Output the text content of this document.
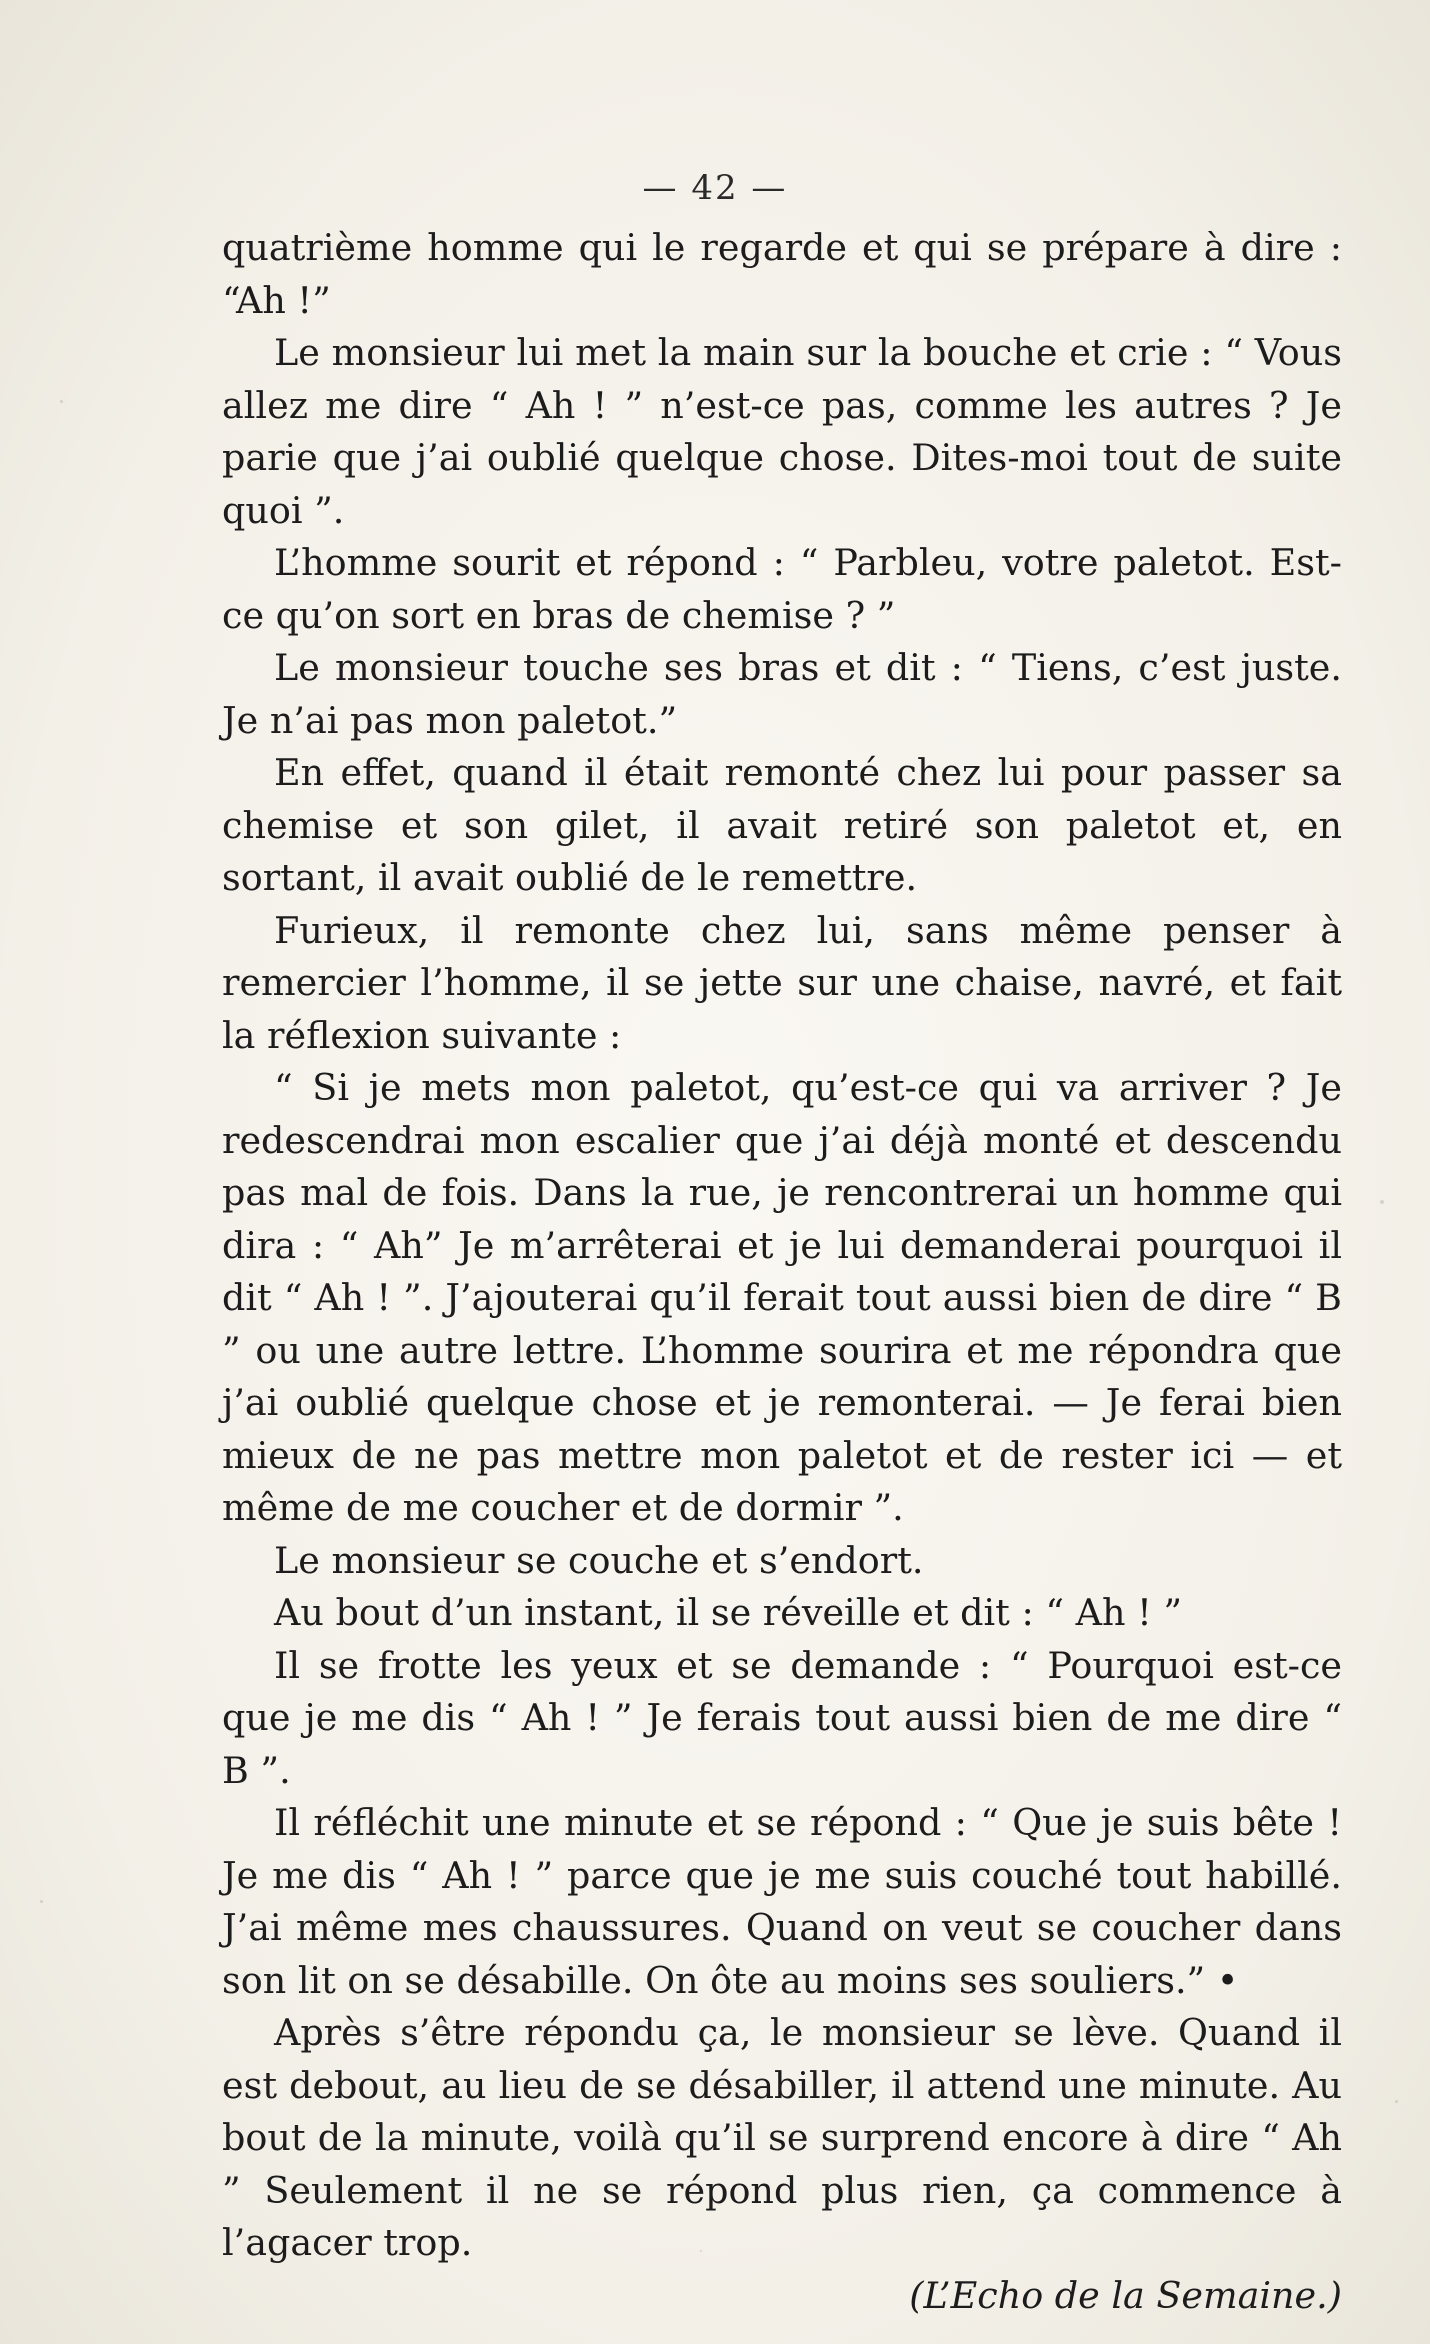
— 42 —

quatrième homme qui le regarde et qui se prépare à dire : “Ah !”

Le monsieur lui met la main sur la bouche et crie : “ Vous allez me dire “ Ah ! ” n’est-ce pas, comme les autres ? Je parie que j’ai oublié quelque chose. Dites-moi tout de suite quoi ”.

L’homme sourit et répond : “ Parbleu, votre paletot. Est-ce qu’on sort en bras de chemise ? ”

Le monsieur touche ses bras et dit : “ Tiens, c’est juste. Je n’ai pas mon paletot.”

En effet, quand il était remonté chez lui pour passer sa chemise et son gilet, il avait retiré son paletot et, en sortant, il avait oublié de le remettre.

Furieux, il remonte chez lui, sans même penser à remercier l’homme, il se jette sur une chaise, navré, et fait la réflexion suivante :

“ Si je mets mon paletot, qu’est-ce qui va arriver ? Je redescendrai mon escalier que j’ai déjà monté et descendu pas mal de fois. Dans la rue, je rencontrerai un homme qui dira : “ Ah” Je m’arrêterai et je lui demanderai pourquoi il dit “ Ah ! ”. J’ajouterai qu’il ferait tout aussi bien de dire “ B ” ou une autre lettre. L’homme sourira et me répondra que j’ai oublié quelque chose et je remonterai. — Je ferai bien mieux de ne pas mettre mon paletot et de rester ici — et même de me coucher et de dormir ”.

Le monsieur se couche et s’endort.

Au bout d’un instant, il se réveille et dit : “ Ah ! ”

Il se frotte les yeux et se demande : “ Pourquoi est-ce que je me dis “ Ah ! ” Je ferais tout aussi bien de me dire “ B ”.

Il réfléchit une minute et se répond : “ Que je suis bête ! Je me dis “ Ah ! ” parce que je me suis couché tout habillé. J’ai même mes chaussures. Quand on veut se coucher dans son lit on se désabille. On ôte au moins ses souliers.” •

Après s’être répondu ça, le monsieur se lève. Quand il est debout, au lieu de se désabiller, il attend une minute. Au bout de la minute, voilà qu’il se surprend encore à dire “ Ah ” Seulement il ne se répond plus rien, ça commence à l’agacer trop.

(L’Echo de la Semaine.)
